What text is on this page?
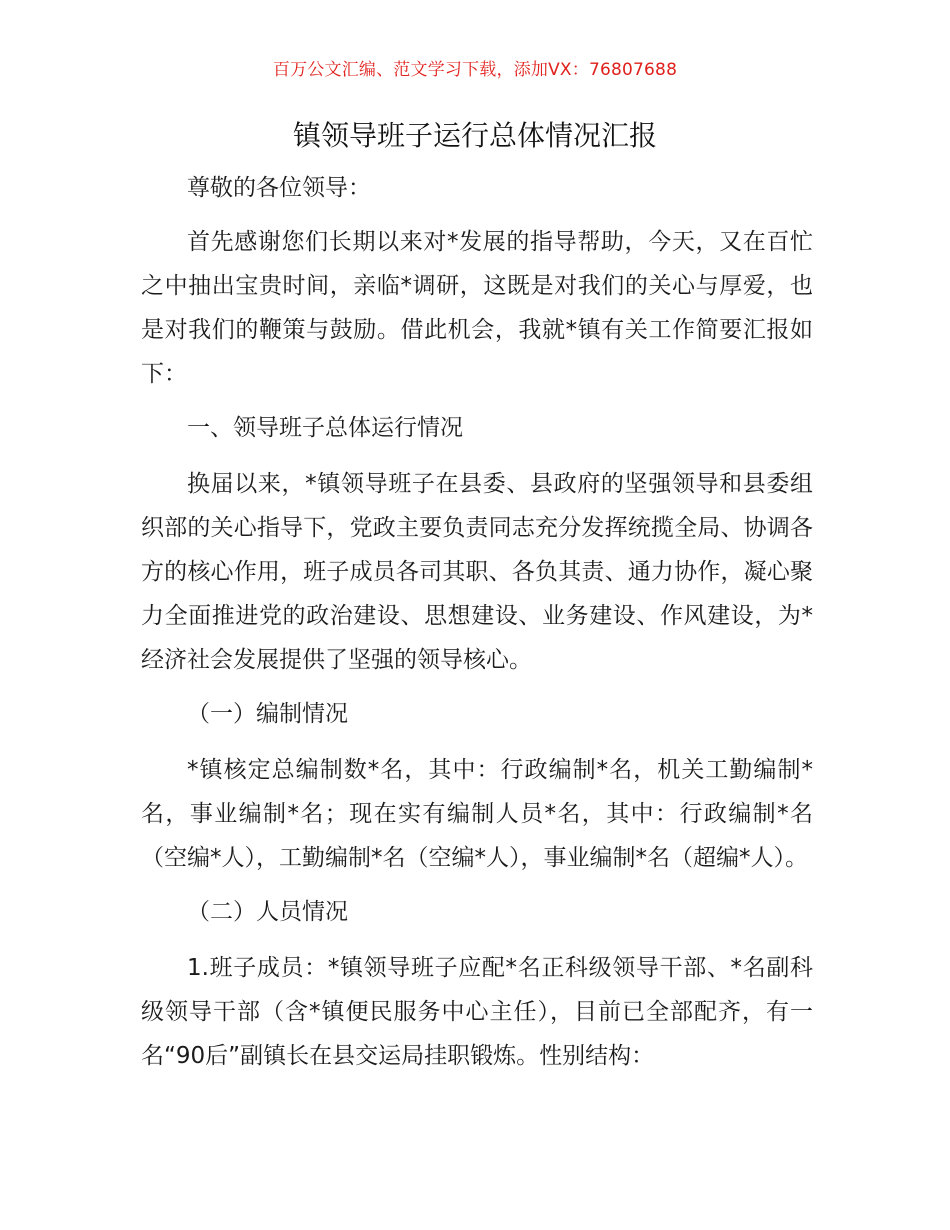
百万公文汇编、范文学习下载，添加VX：76807688
镇领导班子运行总体情况汇报

尊敬的各位领导：

首先感谢您们长期以来对*发展的指导帮助，今天，又在百忙之中抽出宝贵时间，亲临*调研，这既是对我们的关心与厚爱，也是对我们的鞭策与鼓励。借此机会，我就*镇有关工作简要汇报如下：

一、领导班子总体运行情况

换届以来，*镇领导班子在县委、县政府的坚强领导和县委组织部的关心指导下，党政主要负责同志充分发挥统揽全局、协调各方的核心作用，班子成员各司其职、各负其责、通力协作，凝心聚力全面推进党的政治建设、思想建设、业务建设、作风建设，为*经济社会发展提供了坚强的领导核心。

（一）编制情况

*镇核定总编制数*名，其中：行政编制*名，机关工勤编制*名，事业编制*名；现在实有编制人员*名，其中：行政编制*名（空编*人），工勤编制*名（空编*人），事业编制*名（超编*人）。

（二）人员情况

1.班子成员：*镇领导班子应配*名正科级领导干部、*名副科级领导干部（含*镇便民服务中心主任），目前已全部配齐，有一名“90后”副镇长在县交运局挂职锻炼。性别结构：
